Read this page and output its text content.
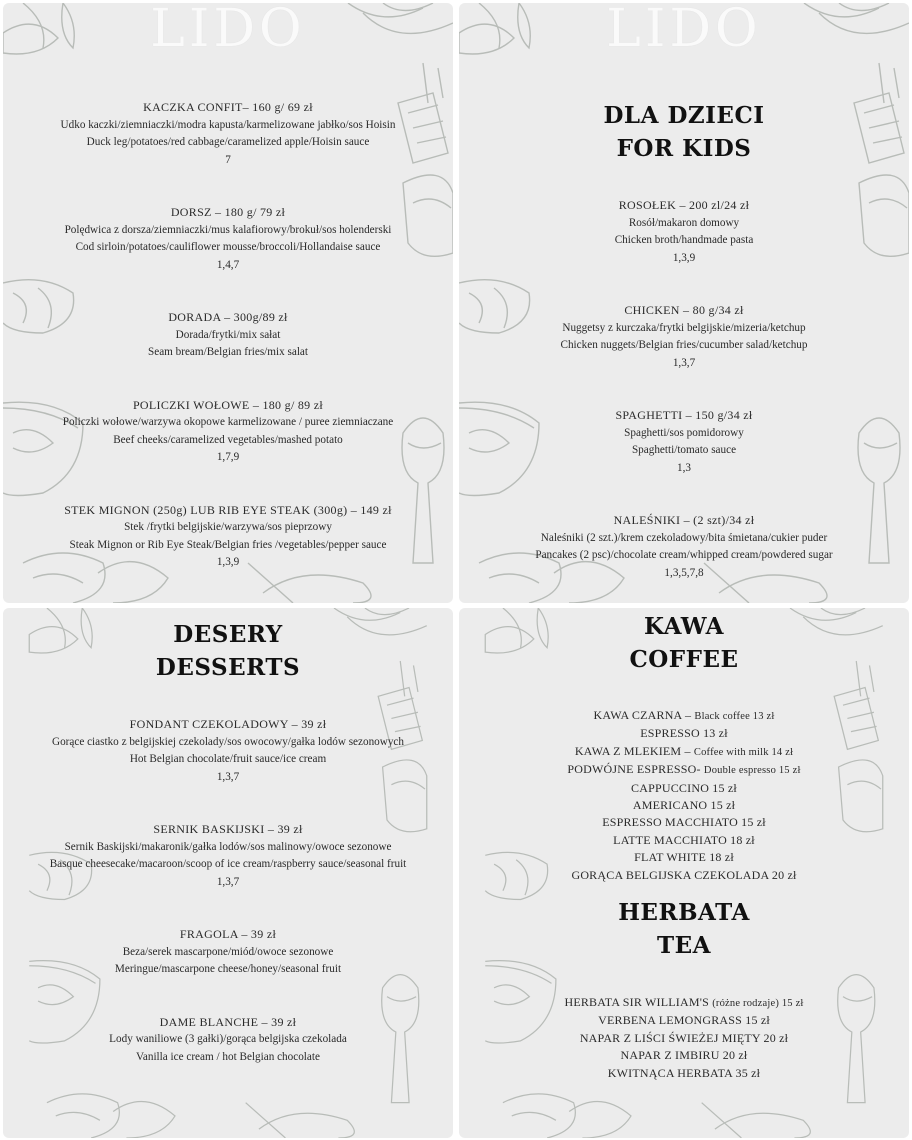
LIDO
KACZKA CONFIT– 160 g/ 69 zł
Udko kaczki/ziemniaczki/modra kapusta/karmelizowane jabłko/sos Hoisin
Duck leg/potatoes/red cabbage/caramelized apple/Hoisin sauce
7
DORSZ – 180 g/ 79 zł
Polędwica z dorsza/ziemniaczki/mus kalafiorowy/brokuł/sos holenderski
Cod sirloin/potatoes/cauliflower mousse/broccoli/Hollandaise sauce
1,4,7
DORADA – 300g/89 zł
Dorada/frytki/mix sałat
Seam bream/Belgian fries/mix salat
POLICZKI WOŁOWE – 180 g/ 89 zł
Policzki wołowe/warzywa okopowe karmelizowane / puree ziemniaczane
Beef cheeks/caramelized vegetables/mashed potato
1,7,9
STEK MIGNON (250g) LUB RIB EYE STEAK (300g) – 149 zł
Stek /frytki belgijskie/warzywa/sos pieprzowy
Steak Mignon or Rib Eye Steak/Belgian fries /vegetables/pepper sauce
1,3,9
LIDO
DLA DZIECI
FOR KIDS
ROSOŁEK – 200 zl/24 zł
Rosół/makaron domowy
Chicken broth/handmade pasta
1,3,9
CHICKEN – 80 g/34 zł
Nuggetsy z kurczaka/frytki belgijskie/mizeria/ketchup
Chicken nuggets/Belgian fries/cucumber salad/ketchup
1,3,7
SPAGHETTI – 150 g/34 zł
Spaghetti/sos pomidorowy
Spaghetti/tomato sauce
1,3
NALEŚNIKI – (2 szt)/34 zł
Naleśniki (2 szt.)/krem czekoladowy/bita śmietana/cukier puder
Pancakes (2 psc)/chocolate cream/whipped cream/powdered sugar
1,3,5,7,8
DESERY
DESSERTS
FONDANT CZEKOLADOWY – 39 zł
Gorące ciastko z belgijskiej czekolady/sos owocowy/gałka lodów sezonowych
Hot Belgian chocolate/fruit sauce/ice cream
1,3,7
SERNIK BASKIJSKI – 39 zł
Sernik Baskijski/makaronik/gałka lodów/sos malinowy/owoce sezonowe
Basque cheesecake/macaroon/scoop of ice cream/raspberry sauce/seasonal fruit
1,3,7
FRAGOLA – 39 zł
Beza/serek mascarpone/miód/owoce sezonowe
Meringue/mascarpone cheese/honey/seasonal fruit
DAME BLANCHE – 39 zł
Lody waniliowe (3 gałki)/gorąca belgijska czekolada
Vanilla ice cream / hot Belgian chocolate
KAWA
COFFEE
KAWA CZARNA – Black coffee 13 zł
ESPRESSO 13 zł
KAWA Z MLEKIEM – Coffee with milk 14 zł
PODWÓJNE ESPRESSO- Double espresso 15 zł
CAPPUCCINO 15 zł
AMERICANO 15 zł
ESPRESSO MACCHIATO 15 zł
LATTE MACCHIATO 18 zł
FLAT WHITE 18 zł
GORĄCA BELGIJSKA CZEKOLADA 20 zł
HERBATA
TEA
HERBATA SIR WILLIAM'S (różne rodzaje) 15 zł
VERBENA LEMONGRASS 15 zł
NAPAR Z LIŚCI ŚWIEŻEJ MIĘTY 20 zł
NAPAR Z IMBIRU 20 zł
KWITNĄCA HERBATA 35 zł
